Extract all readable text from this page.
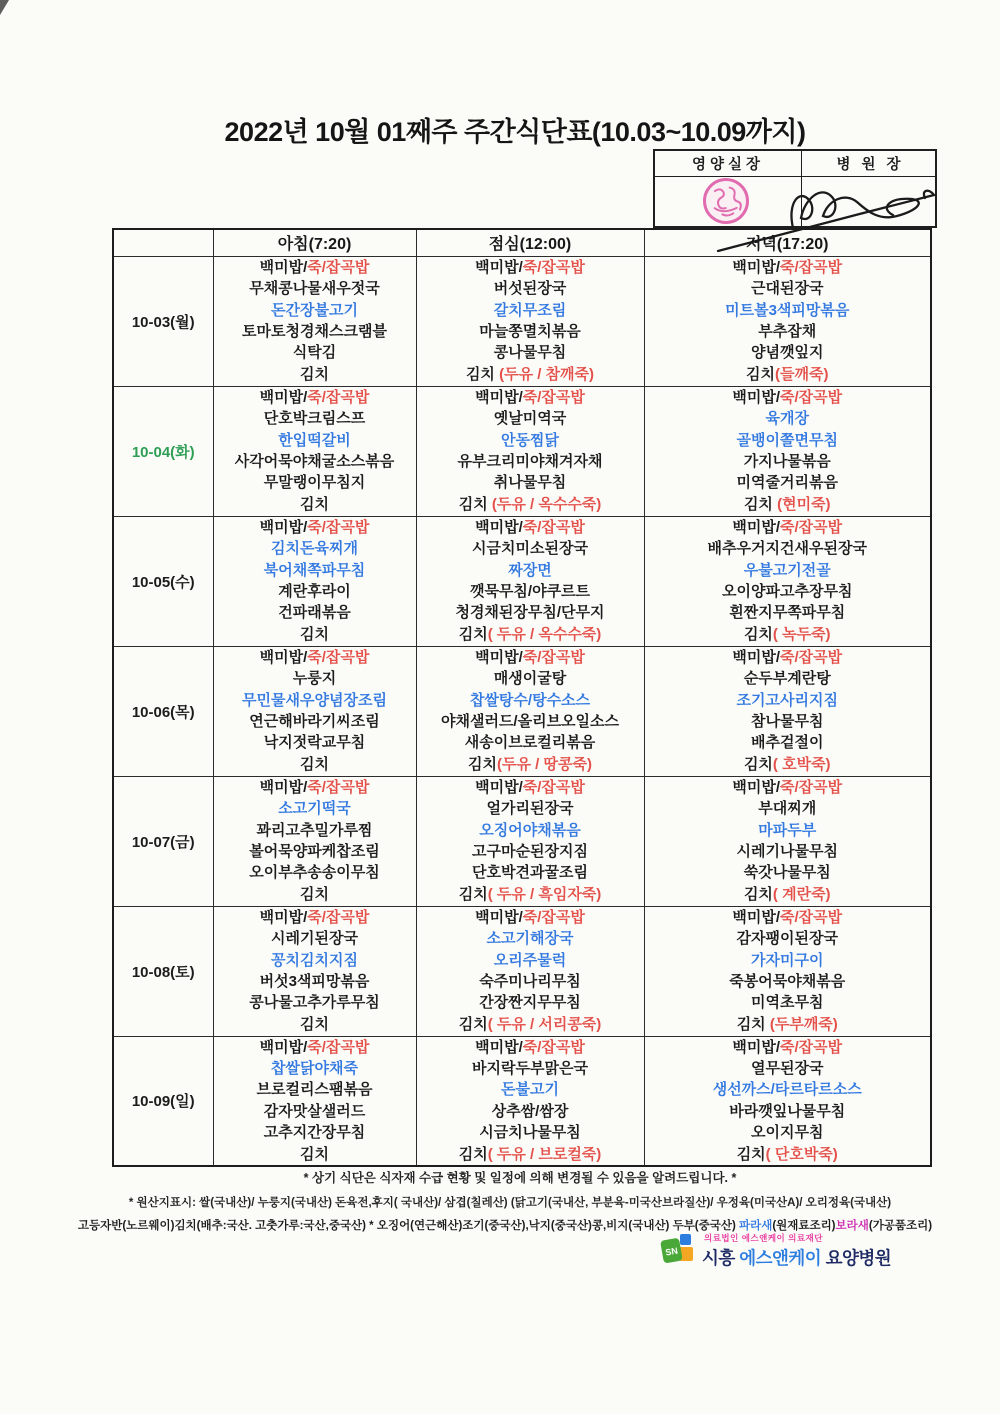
2022년 10월 01째주 주간식단표(10.03~10.09까지)
영양실장	병원장
	아침(7:20)	점심(12:00)	저녁(17:20)
10-03(월)	
백미밥/죽/잡곡밥
무채콩나물새우젓국
돈간장불고기
토마토청경채스크램블
식탁김
김치

백미밥/죽/잡곡밥
버섯된장국
갈치무조림
마늘쫑멸치볶음
콩나물무침
김치 (두유 / 참깨죽)

백미밥/죽/잡곡밥
근대된장국
미트볼3색피망볶음
부추잡채
양념깻잎지
김치(들깨죽)

10-04(화)	
백미밥/죽/잡곡밥
단호박크림스프
한입떡갈비
사각어묵야채굴소스볶음
무말랭이무침지
김치

백미밥/죽/잡곡밥
옛날미역국
안동찜닭
유부크리미야채겨자채
취나물무침
김치 (두유 / 옥수수죽)

백미밥/죽/잡곡밥
육개장
골뱅이쫄면무침
가지나물볶음
미역줄거리볶음
김치 (현미죽)

10-05(수)	
백미밥/죽/잡곡밥
김치돈육찌개
북어채쪽파무침
계란후라이
건파래볶음
김치

백미밥/죽/잡곡밥
시금치미소된장국
짜장면
깻묵무침/야쿠르트
청경채된장무침/단무지
김치( 두유 / 옥수수죽)

백미밥/죽/잡곡밥
배추우거지건새우된장국
우불고기전골
오이양파고추장무침
흰짠지무쪽파무침
김치( 녹두죽)

10-06(목)	
백미밥/죽/잡곡밥
누룽지
무민물새우양념장조림
연근해바라기씨조림
낙지젓락교무침
김치

백미밥/죽/잡곡밥
매생이굴탕
찹쌀탕수/탕수소스
야채샐러드/올리브오일소스
새송이브로컬리볶음
김치(두유 / 땅콩죽)

백미밥/죽/잡곡밥
순두부계란탕
조기고사리지짐
참나물무침
배추겉절이
김치( 호박죽)

10-07(금)	
백미밥/죽/잡곡밥
소고기떡국
꽈리고추밀가루찜
볼어묵양파케찹조림
오이부추송송이무침
김치

백미밥/죽/잡곡밥
얼가리된장국
오징어야채볶음
고구마순된장지짐
단호박견과꿀조림
김치( 두유 / 흑임자죽)

백미밥/죽/잡곡밥
부대찌개
마파두부
시레기나물무침
쑥갓나물무침
김치( 계란죽)

10-08(토)	
백미밥/죽/잡곡밥
시레기된장국
꽁치김치지짐
버섯3색피망볶음
콩나물고추가루무침
김치

백미밥/죽/잡곡밥
소고기해장국
오리주물럭
숙주미나리무침
간장짠지무무침
김치( 두유 / 서리콩죽)

백미밥/죽/잡곡밥
감자팽이된장국
가자미구이
죽봉어묵야채볶음
미역초무침
김치 (두부깨죽)

10-09(일)	
백미밥/죽/잡곡밥
찹쌀닭야채죽
브로컬리스팸볶음
감자맛살샐러드
고추지간장무침
김치

백미밥/죽/잡곡밥
바지락두부맑은국
돈불고기
상추쌈/쌈장
시금치나물무침
김치( 두유 / 브로컬죽)

백미밥/죽/잡곡밥
열무된장국
생선까스/타르타르소스
바라깻잎나물무침
오이지무침
김치( 단호박죽)
* 상기 식단은 식자재 수급 현황 및 일정에 의해 변경될 수 있음을 알려드립니다. *
* 원산지표시: 쌀(국내산)/ 누룽지(국내산) 돈육전,후지( 국내산)/ 삼겹(칠레산) (닭고기(국내산, 부분육-미국산브라질산)/ 우정육(미국산A)/ 오리정육(국내산)
고등자반(노르웨이)김치(배추:국산. 고춧가루:국산,중국산) * 오징어(연근해산)조기(중국산),낙지(중국산)콩,비지(국내산) 두부(중국산) 파라새(원재료조리)보라새(가공품조리)
SN
의료법인 에스앤케이 의료재단
시흥 에스앤케이 요양병원
